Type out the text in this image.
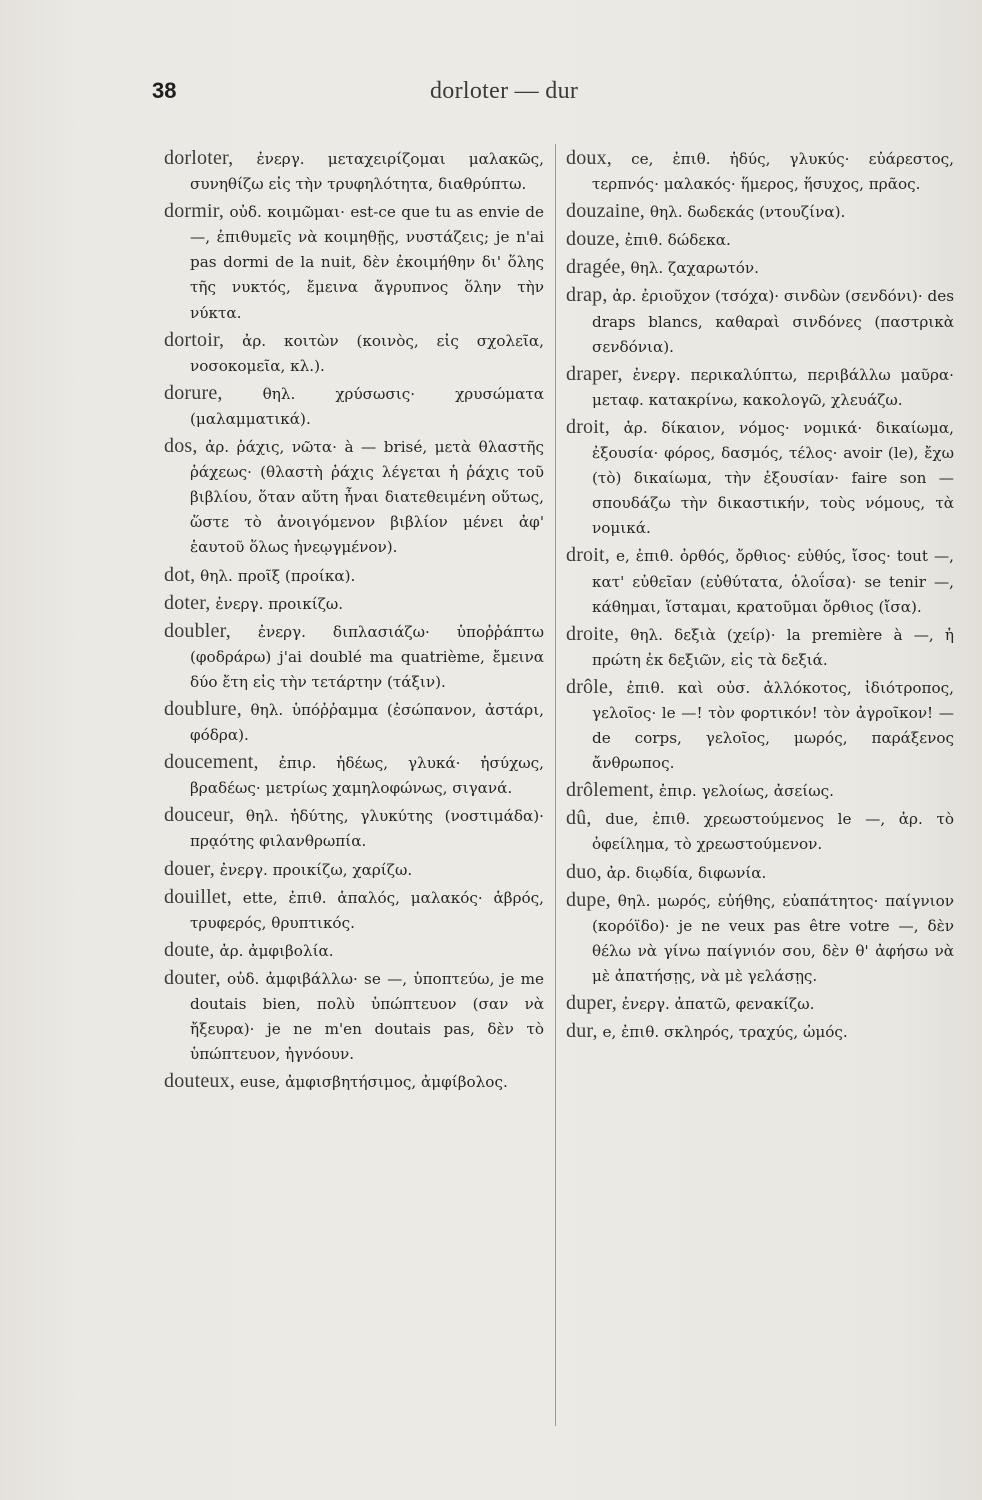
38	dorloter — dur

dorloter, ἐνεργ. μεταχειρίζομαι μαλακῶς, συνηθίζω εἰς τὴν τρυφηλότητα, διαθρύπτω.

dormir, οὐδ. κοιμῶμαι· est-ce que tu as envie de —, ἐπιθυμεῖς νὰ κοιμηθῇς, νυστάζεις; je n'ai pas dormi de la nuit, δὲν ἐκοιμήθην δι' ὅλης τῆς νυκτός, ἔμεινα ἄγρυπνος ὅλην τὴν νύκτα.

dortoir, ἀρ. κοιτὼν (κοινὸς, εἰς σχολεῖα, νοσοκομεῖα, κλ.).

dorure, θηλ. χρύσωσις· χρυσώματα (μαλαμματικά).

dos, ἀρ. ῥάχις, νῶτα· à — brisé, μετὰ θλαστῆς ῥάχεως· (θλαστὴ ῥάχις λέγεται ἡ ῥάχις τοῦ βιβλίου, ὅταν αὕτη ἦναι διατεθειμένη οὕτως, ὥστε τὸ ἀνοιγόμενον βιβλίον μένει ἀφ' ἑαυτοῦ ὅλως ἠνεῳγμένον).

dot, θηλ. προῖξ (προίκα).

doter, ἐνεργ. προικίζω.

doubler, ἐνεργ. διπλασιάζω· ὑποῤῥάπτω (φοδράρω) j'ai doublé ma quatrième, ἔμεινα δύο ἔτη εἰς τὴν τετάρτην (τάξιν).

doublure, θηλ. ὑπόῤῥαμμα (ἐσώπανον, ἀστάρι, φόδρα).

doucement, ἐπιρ. ἡδέως, γλυκά· ἡσύχως, βραδέως· μετρίως χαμηλοφώνως, σιγανά.

douceur, θηλ. ἡδύτης, γλυκύτης (νοστιμάδα)· πρᾳότης φιλανθρωπία.

douer, ἐνεργ. προικίζω, χαρίζω.

douillet, ette, ἐπιθ. ἁπαλός, μαλακός· ἁβρός, τρυφερός, θρυπτικός.

doute, ἀρ. ἀμφιβολία.

douter, οὐδ. ἀμφιβάλλω· se —, ὑποπτεύω, je me doutais bien, πολὺ ὑπώπτευον (σαν νὰ ἤξευρα)· je ne m'en doutais pas, δὲν τὸ ὑπώπτευον, ἠγνόουν.

douteux, euse, ἀμφισβητήσιμος, ἀμφίβολος.

doux, ce, ἐπιθ. ἡδύς, γλυκύς· εὐάρεστος, τερπνός· μαλακός· ἥμερος, ἥσυχος, πρᾶος.

douzaine, θηλ. δωδεκάς (ντουζίνα).

douze, ἐπιθ. δώδεκα.

dragée, θηλ. ζαχαρωτόν.

drap, ἀρ. ἐριοῦχον (τσόχα)· σινδὼν (σενδόνι)· des draps blancs, καθαραὶ σινδόνες (παστρικὰ σενδόνια).

draper, ἐνεργ. περικαλύπτω, περιβάλλω μαῦρα· μεταφ. κατακρίνω, κακολογῶ, χλευάζω.

droit, ἀρ. δίκαιον, νόμος· νομικά· δικαίωμα, ἐξουσία· φόρος, δασμός, τέλος· avoir (le), ἔχω (τὸ) δικαίωμα, τὴν ἐξουσίαν· faire son — σπουδάζω τὴν δικαστικήν, τοὺς νόμους, τὰ νομικά.

droit, e, ἐπιθ. ὀρθός, ὄρθιος· εὐθύς, ἴσος· tout —, κατ' εὐθεῖαν (εὐθύτατα, ὁλοΐσα)· se tenir —, κάθημαι, ἵσταμαι, κρατοῦμαι ὄρθιος (ἴσα).

droite, θηλ. δεξιὰ (χείρ)· la première à —, ἡ πρώτη ἐκ δεξιῶν, εἰς τὰ δεξιά.

drôle, ἐπιθ. καὶ οὐσ. ἀλλόκοτος, ἰδιότροπος, γελοῖος· le —! τὸν φορτικόν! τὸν ἀγροῖκον! — de corps, γελοῖος, μωρός, παράξενος ἄνθρωπος.

drôlement, ἐπιρ. γελοίως, ἀσείως.

dû, due, ἐπιθ. χρεωστούμενος le —, ἀρ. τὸ ὀφείλημα, τὸ χρεωστούμενον.

duo, ἀρ. διῳδία, διφωνία.

dupe, θηλ. μωρός, εὐήθης, εὐαπάτητος· παίγνιον (κορόϊδο)· je ne veux pas être votre —, δὲν θέλω νὰ γίνω παίγνιόν σου, δὲν θ' ἀφήσω νὰ μὲ ἀπατήσῃς, νὰ μὲ γελάσῃς.

duper, ἐνεργ. ἀπατῶ, φενακίζω.

dur, e, ἐπιθ. σκληρός, τραχύς, ὠμός.
